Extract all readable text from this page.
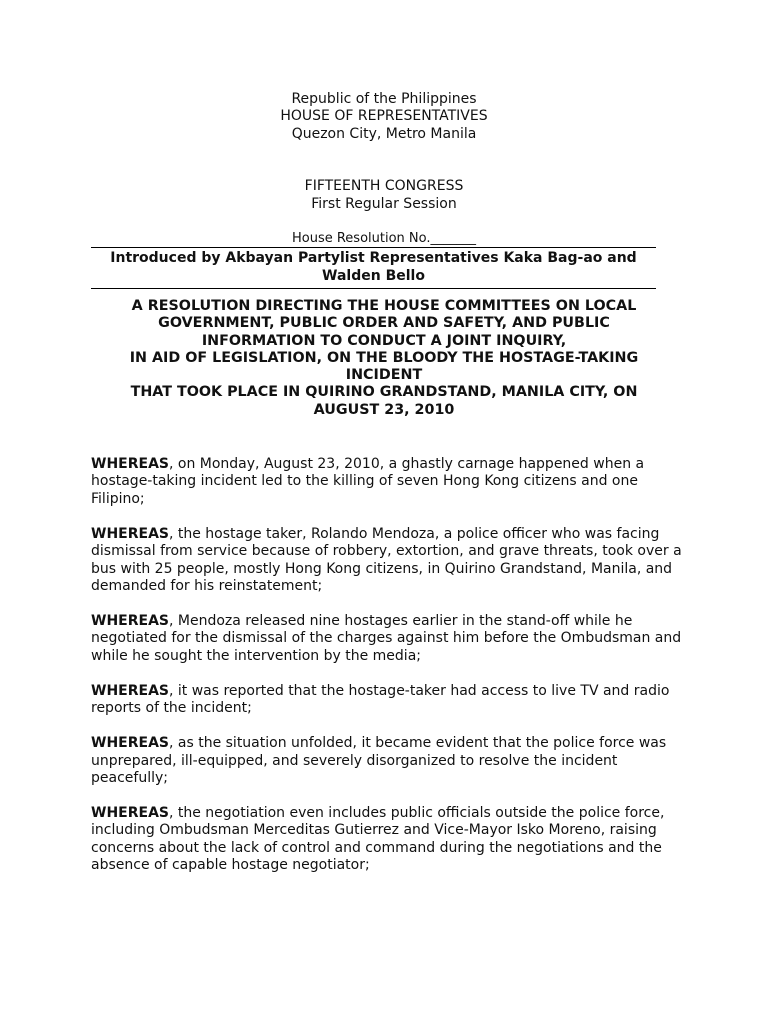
Republic of the Philippines
HOUSE OF REPRESENTATIVES
Quezon City, Metro Manila
FIFTEENTH CONGRESS
First Regular Session
House Resolution No._______
Introduced by Akbayan Partylist Representatives Kaka Bag-ao and Walden Bello
A RESOLUTION DIRECTING THE HOUSE COMMITTEES ON LOCAL
GOVERNMENT, PUBLIC ORDER AND SAFETY, AND PUBLIC
INFORMATION TO CONDUCT A JOINT INQUIRY,
IN AID OF LEGISLATION, ON THE BLOODY THE HOSTAGE-TAKING
INCIDENT
THAT TOOK PLACE IN QUIRINO GRANDSTAND, MANILA CITY, ON
AUGUST 23, 2010

WHEREAS, on Monday, August 23, 2010, a ghastly carnage happened when a hostage-taking incident led to the killing of seven Hong Kong citizens and one Filipino;

WHEREAS, the hostage taker, Rolando Mendoza, a police officer who was facing dismissal from service because of robbery, extortion, and grave threats, took over a bus with 25 people, mostly Hong Kong citizens, in Quirino Grandstand, Manila, and demanded for his reinstatement;

WHEREAS, Mendoza released nine hostages earlier in the stand-off while he negotiated for the dismissal of the charges against him before the Ombudsman and while he sought the intervention by the media;

WHEREAS, it was reported that the hostage-taker had access to live TV and radio reports of the incident;

WHEREAS, as the situation unfolded, it became evident that the police force was unprepared, ill-equipped, and severely disorganized to resolve the incident peacefully;

WHEREAS, the negotiation even includes public officials outside the police force, including Ombudsman Merceditas Gutierrez and Vice-Mayor Isko Moreno, raising concerns about the lack of control and command during the negotiations and the absence of capable hostage negotiator;
